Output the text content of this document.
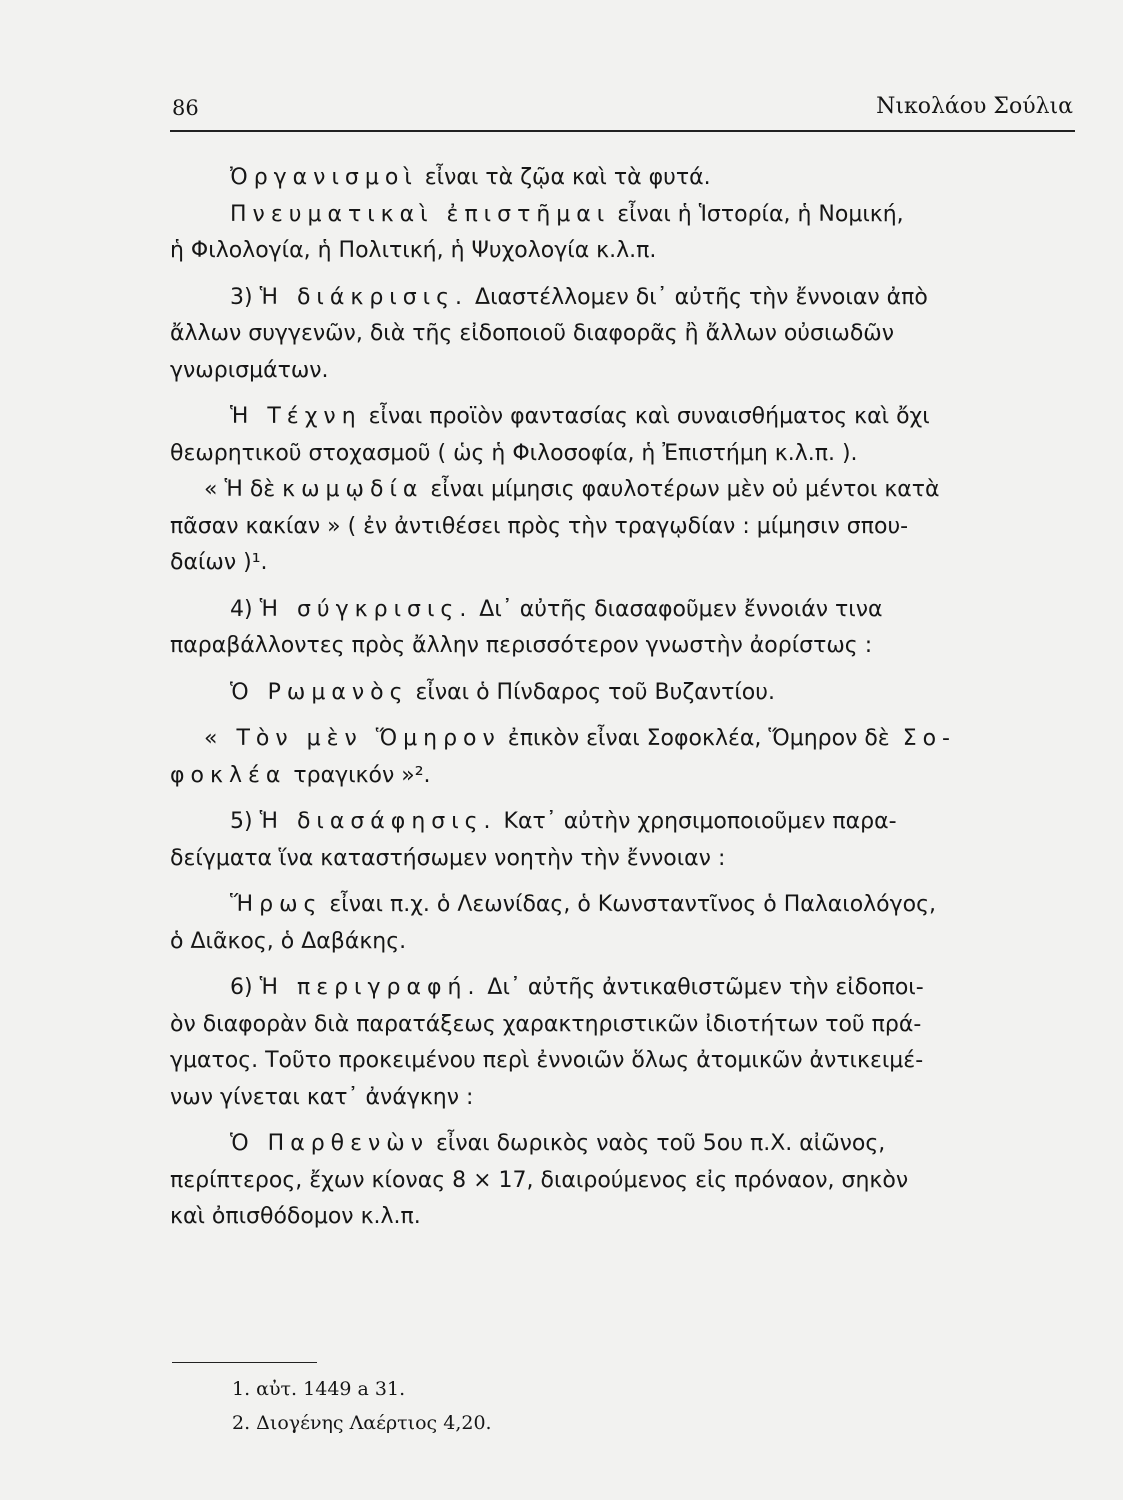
86	Νικολάου Σούλια
Ὀργανισμοὶ εἶναι τὰ ζῷα καὶ τὰ φυτά.
Πνευματικαὶ ἐπιστῆμαι εἶναι ἡ Ἱστορία, ἡ Νομική,
ἡ Φιλολογία, ἡ Πολιτική, ἡ Ψυχολογία κ.λ.π.
3) Ἡ διάκρισις. Διαστέλλομεν δι᾽ αὐτῆς τὴν ἔννοιαν ἀπὸ
ἄλλων συγγενῶν, διὰ τῆς εἰδοποιοῦ διαφορᾶς ἢ ἄλλων οὐσιωδῶν
γνωρισμάτων.
Ἡ Τέχνη εἶναι προϊὸν φαντασίας καὶ συναισθήματος καὶ ὄχι
θεωρητικοῦ στοχασμοῦ ( ὡς ἡ Φιλοσοφία, ἡ Ἐπιστήμη κ.λ.π. ).
« Ἡ δὲ κωμῳδία εἶναι μίμησις φαυλοτέρων μὲν οὐ μέντοι κατὰ
πᾶσαν κακίαν » ( ἐν ἀντιθέσει πρὸς τὴν τραγῳδίαν : μίμησιν σπου-
δαίων )¹.
4) Ἡ σύγκρισις. Δι᾽ αὐτῆς διασαφοῦμεν ἔννοιάν τινα
παραβάλλοντες πρὸς ἄλλην περισσότερον γνωστὴν ἀορίστως :
Ὁ Ρωμανὸς εἶναι ὁ Πίνδαρος τοῦ Βυζαντίου.
« Τὸν μὲν Ὅμηρον ἐπικὸν εἶναι Σοφοκλέα, Ὅμηρον δὲ Σο-
φοκλέα τραγικόν »².
5) Ἡ διασάφησις. Κατ᾽ αὐτὴν χρησιμοποιοῦμεν παρα-
δείγματα ἵνα καταστήσωμεν νοητὴν τὴν ἔννοιαν :
Ἥρως εἶναι π.χ. ὁ Λεωνίδας, ὁ Κωνσταντῖνος ὁ Παλαιολόγος,
ὁ Διᾶκος, ὁ Δαβάκης.
6) Ἡ περιγραφή. Δι᾽ αὐτῆς ἀντικαθιστῶμεν τὴν εἰδοποι-
ὸν διαφορὰν διὰ παρατάξεως χαρακτηριστικῶν ἰδιοτήτων τοῦ πρά-
γματος. Τοῦτο προκειμένου περὶ ἐννοιῶν ὅλως ἀτομικῶν ἀντικειμέ-
νων γίνεται κατ᾽ ἀνάγκην :
Ὁ Παρθενὼν εἶναι δωρικὸς ναὸς τοῦ 5ου π.Χ. αἰῶνος,
περίπτερος, ἔχων κίονας 8 × 17, διαιρούμενος εἰς πρόναον, σηκὸν
καὶ ὀπισθόδομον κ.λ.π.
1. αὐτ. 1449 a 31.
2. Διογένης Λαέρτιος 4,20.
